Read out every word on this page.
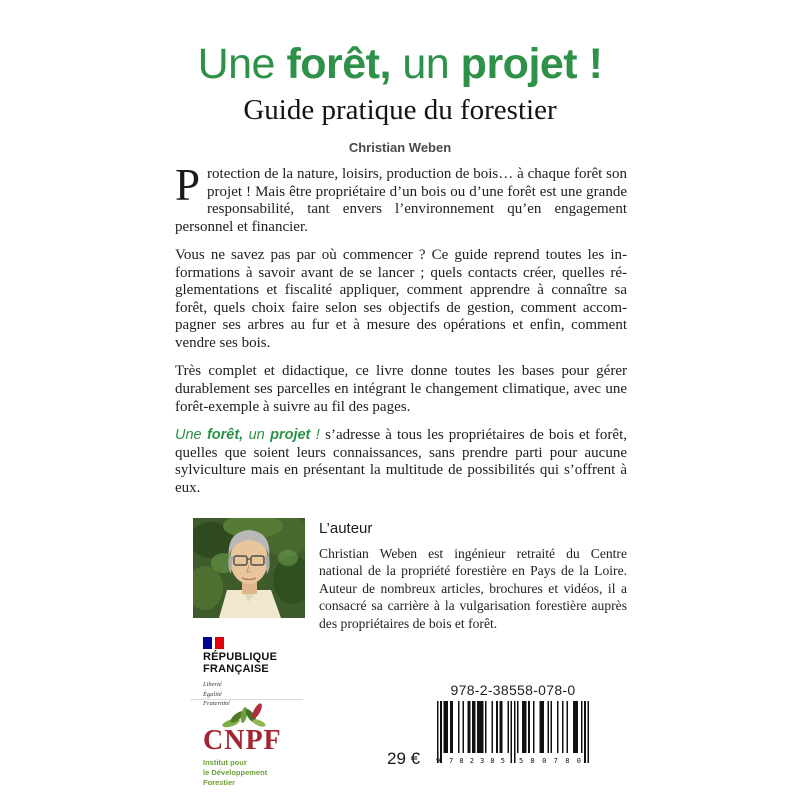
Une forêt, un projet !
Guide pratique du forestier
Christian Weben

Protection de la nature, loisirs, production de bois… à chaque forêt son projet ! Mais être propriétaire d’un bois ou d’une forêt est une grande responsabilité, tant envers l’environnement qu’en engagement personnel et financier.

Vous ne savez pas par où commencer ? Ce guide reprend toutes les informations à savoir avant de se lancer ; quels contacts créer, quelles réglementations et fiscalité appliquer, comment apprendre à connaître sa forêt, quels choix faire selon ses objectifs de gestion, comment accompagner ses arbres au fur et à mesure des opérations et enfin, comment vendre ses bois.

Très complet et didactique, ce livre donne toutes les bases pour gérer durablement ses parcelles en intégrant le changement climatique, avec une forêt-exemple à suivre au fil des pages.

Une forêt, un projet ! s’adresse à tous les propriétaires de bois et forêt, quelles que soient leurs connaissances, sans prendre parti pour aucune sylviculture mais en présentant la multitude de possibilités qui s’offrent à eux.

L’auteur
Christian Weben est ingénieur retraité du Centre national de la propriété forestière en Pays de la Loire. Auteur de nombreux articles, brochures et vidéos, il a consacré sa carrière à la vulgarisation forestière auprès des propriétaires de bois et forêt.
RÉPUBLIQUE
FRANÇAISE
Liberté
Égalité
Fraternité
CNPF
Institut pour
le Développement
Forestier
29 €
978-2-38558-078-0
9 7 8 2 3 8 5 5 8 0 7 8 0
